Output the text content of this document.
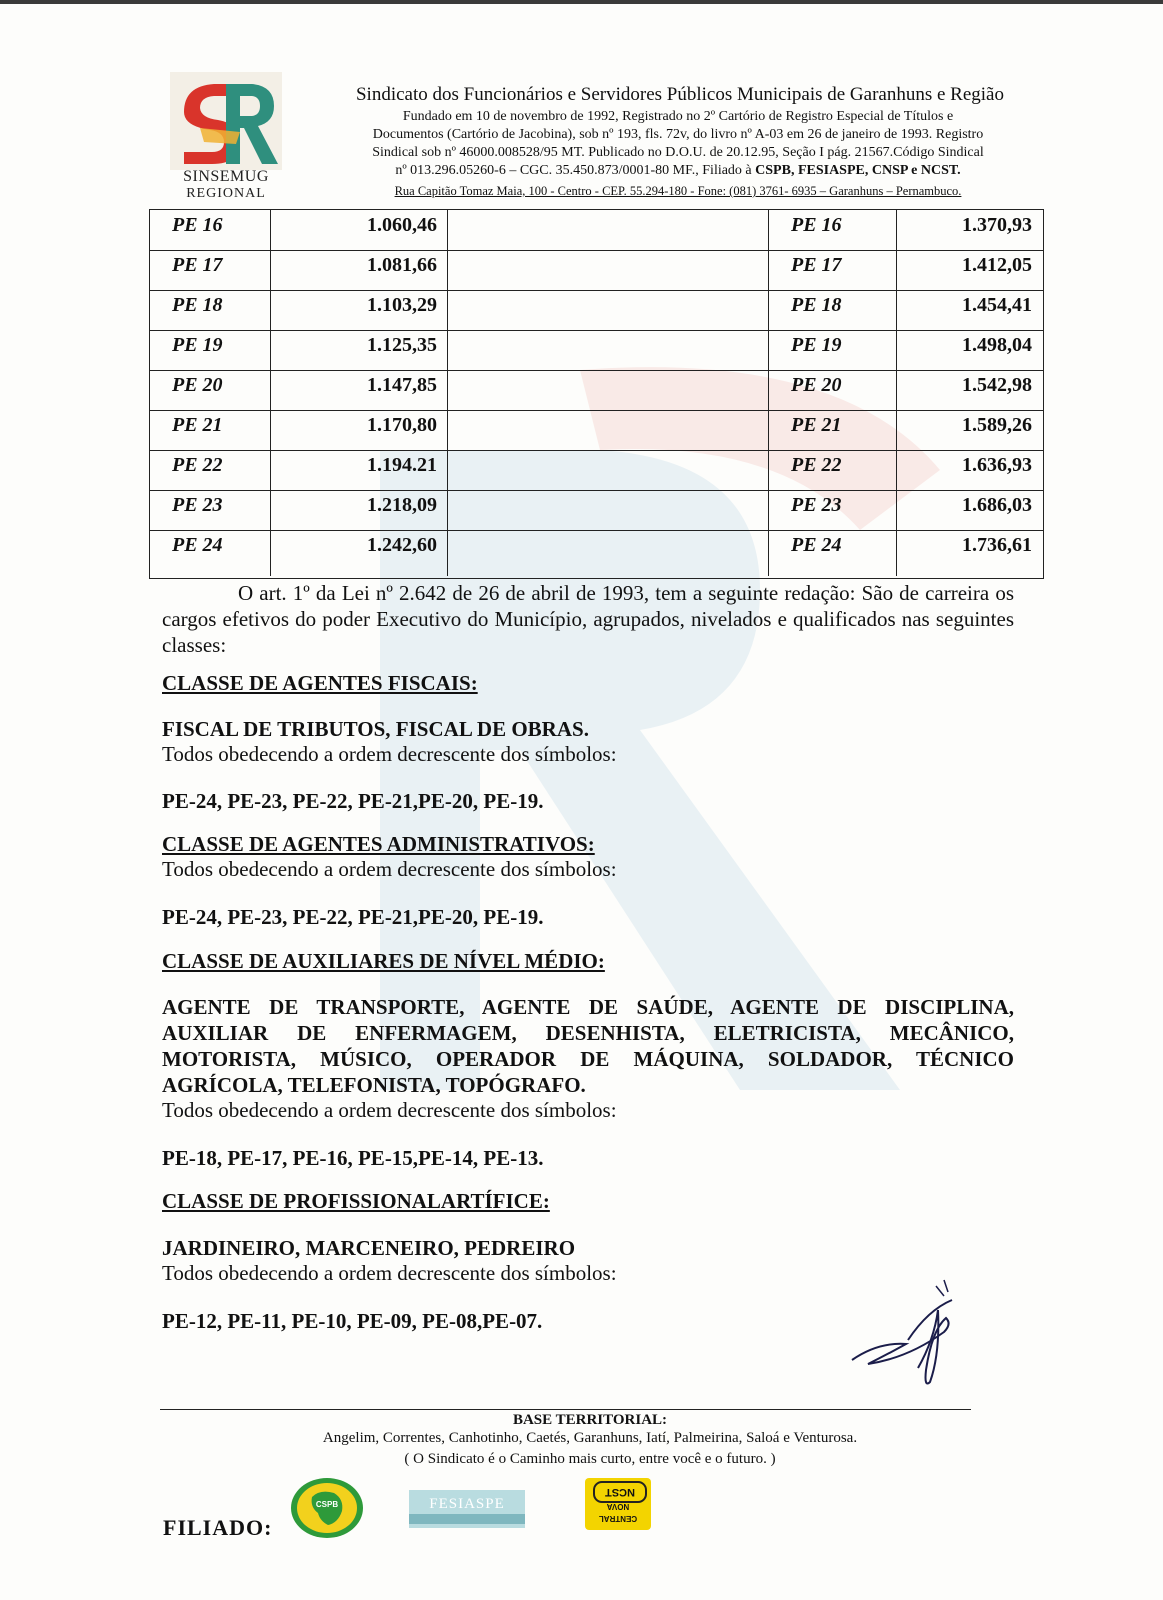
SINSEMUG
REGIONAL
Sindicato dos Funcionários e Servidores Públicos Municipais de Garanhuns e Região
Fundado em 10 de novembro de 1992, Registrado no 2º Cartório de Registro Especial de Títulos e
Documentos (Cartório de Jacobina), sob nº 193, fls. 72v, do livro nº A-03 em 26 de janeiro de 1993. Registro
Sindical sob nº 46000.008528/95 MT. Publicado no D.O.U. de 20.12.95, Seção I pág. 21567.Código Sindical
nº 013.296.05260-6 – CGC. 35.450.873/0001-80 MF., Filiado à CSPB, FESIASPE, CNSP e NCST.
Rua Capitão Tomaz Maia, 100 - Centro - CEP. 55.294-180 - Fone: (081) 3761- 6935 – Garanhuns – Pernambuco.
PE 16	1.060,46	PE 16	1.370,93
PE 17	1.081,66	PE 17	1.412,05
PE 18	1.103,29	PE 18	1.454,41
PE 19	1.125,35	PE 19	1.498,04
PE 20	1.147,85	PE 20	1.542,98
PE 21	1.170,80	PE 21	1.589,26
PE 22	1.194.21	PE 22	1.636,93
PE 23	1.218,09	PE 23	1.686,03
PE 24	1.242,60	PE 24	1.736,61
O art. 1º da Lei nº 2.642 de 26 de abril de 1993, tem a seguinte redação: São de carreira os cargos efetivos do poder Executivo do Município, agrupados, nivelados e qualificados nas seguintes classes:
CLASSE DE AGENTES FISCAIS:
FISCAL DE TRIBUTOS, FISCAL DE OBRAS.
Todos obedecendo a ordem decrescente dos símbolos:
PE-24, PE-23, PE-22, PE-21,PE-20, PE-19.
CLASSE DE AGENTES ADMINISTRATIVOS:
Todos obedecendo a ordem decrescente dos símbolos:
PE-24, PE-23, PE-22, PE-21,PE-20, PE-19.
CLASSE DE AUXILIARES DE NÍVEL MÉDIO:
AGENTE DE TRANSPORTE, AGENTE DE SAÚDE, AGENTE DE DISCIPLINA,
AUXILIAR DE ENFERMAGEM, DESENHISTA, ELETRICISTA, MECÂNICO,
MOTORISTA, MÚSICO, OPERADOR DE MÁQUINA, SOLDADOR, TÉCNICO
AGRÍCOLA, TELEFONISTA, TOPÓGRAFO.
Todos obedecendo a ordem decrescente dos símbolos:
PE-18, PE-17, PE-16, PE-15,PE-14, PE-13.
CLASSE DE PROFISSIONALARTÍFICE:
JARDINEIRO, MARCENEIRO, PEDREIRO
Todos obedecendo a ordem decrescente dos símbolos:
PE-12, PE-11, PE-10, PE-09, PE-08,PE-07.
BASE TERRITORIAL:
Angelim, Correntes, Canhotinho, Caetés, Garanhuns, Iatí, Palmeirina, Saloá e Venturosa.
( O Sindicato é o Caminho mais curto, entre você e o futuro. )
CSPB	FESIASPE
NCST
NOVA
CENTRAL
FILIADO:
